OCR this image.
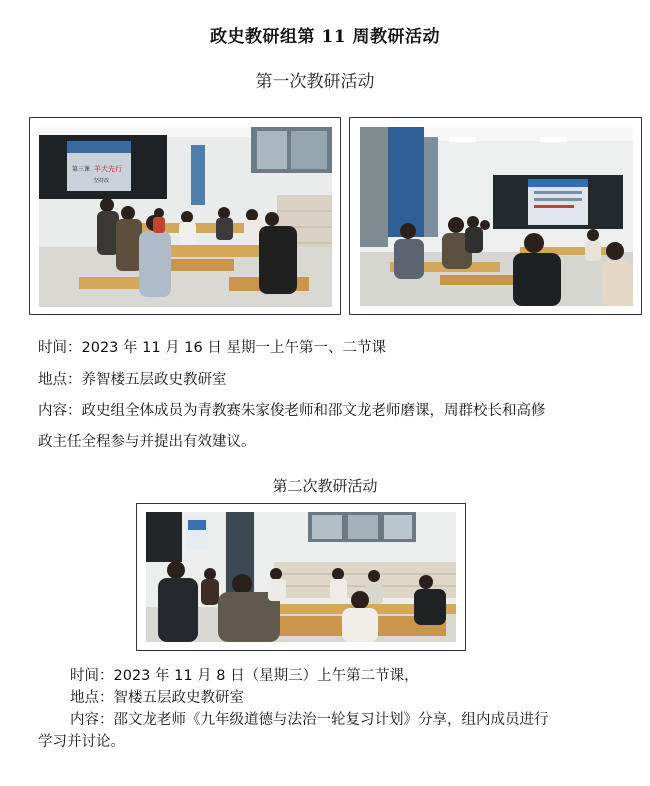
政史教研组第 11 周教研活动
第一次教研活动
第三课 羊犬先行
坚持改
时间：2023 年 11 月 16 日 星期一上午第一、二节课
地点：养智楼五层政史教研室
内容：政史组全体成员为青教赛朱家俊老师和邵文龙老师磨课，周群校长和高修
政主任全程参与并提出有效建议。
第二次教研活动
时间：2023 年 11 月 8 日（星期三）上午第二节课，
地点：智楼五层政史教研室
内容：邵文龙老师《九年级道德与法治一轮复习计划》分享，组内成员进行
学习并讨论。
